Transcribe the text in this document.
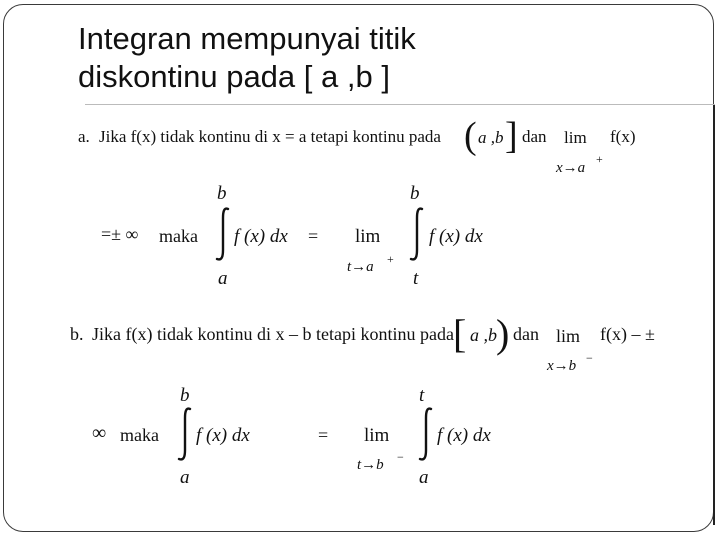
Integran mempunyai titik
diskontinu pada [ a ,b ]
a. Jika f(x) tidak kontinu di x = a tetapi kontinu pada ( a ,b ] dan lim f(x)
x→a
+
=± ∞ maka
b
a
f (x) dx = lim
t→a +
b
t
f (x) dx
b. Jika f(x) tidak kontinu di x – b tetapi kontinu pada [ a ,b ) dan lim f(x) – ±
x→b −
∞ maka
b
a
f (x) dx	= lim
t→b −
t
a
f (x) dx
